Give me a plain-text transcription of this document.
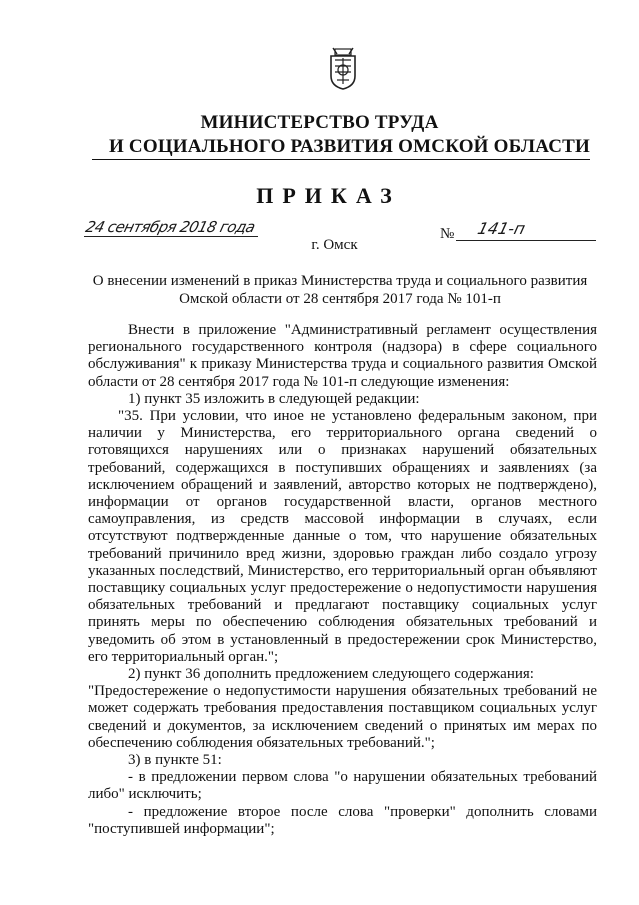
МИНИСТЕРСТВО ТРУДА
И СОЦИАЛЬНОГО РАЗВИТИЯ ОМСКОЙ ОБЛАСТИ
ПРИКАЗ
24 сентября 2018 года	№ 141-п
г. Омск
О внесении изменений в приказ Министерства труда и социального развития
Омской области от 28 сентября 2017 года № 101-п

Внести в приложение "Административный регламент осуществления регионального государственного контроля (надзора) в сфере социального обслуживания" к приказу Министерства труда и социального развития Омской области от 28 сентября 2017 года № 101-п следующие изменения:

1) пункт 35 изложить в следующей редакции:

"35. При условии, что иное не установлено федеральным законом, при наличии у Министерства, его территориального органа сведений о готовящихся нарушениях или о признаках нарушений обязательных требований, содержащихся в поступивших обращениях и заявлениях (за исключением обращений и заявлений, авторство которых не подтверждено), информации от органов государственной власти, органов местного самоуправления, из средств массовой информации в случаях, если отсутствуют подтвержденные данные о том, что нарушение обязательных требований причинило вред жизни, здоровью граждан либо создало угрозу указанных последствий, Министерство, его территориальный орган объявляют поставщику социальных услуг предостережение о недопустимости нарушения обязательных требований и предлагают поставщику социальных услуг принять меры по обеспечению соблюдения обязательных требований и уведомить об этом в установленный в предостережении срок Министерство, его территориальный орган.";

2) пункт 36 дополнить предложением следующего содержания:

"Предостережение о недопустимости нарушения обязательных требований не может содержать требования предоставления поставщиком социальных услуг сведений и документов, за исключением сведений о принятых им мерах по обеспечению соблюдения обязательных требований.";

3) в пункте 51:

- в предложении первом слова "о нарушении обязательных требований либо" исключить;

- предложение второе после слова "проверки" дополнить словами "поступившей информации";
